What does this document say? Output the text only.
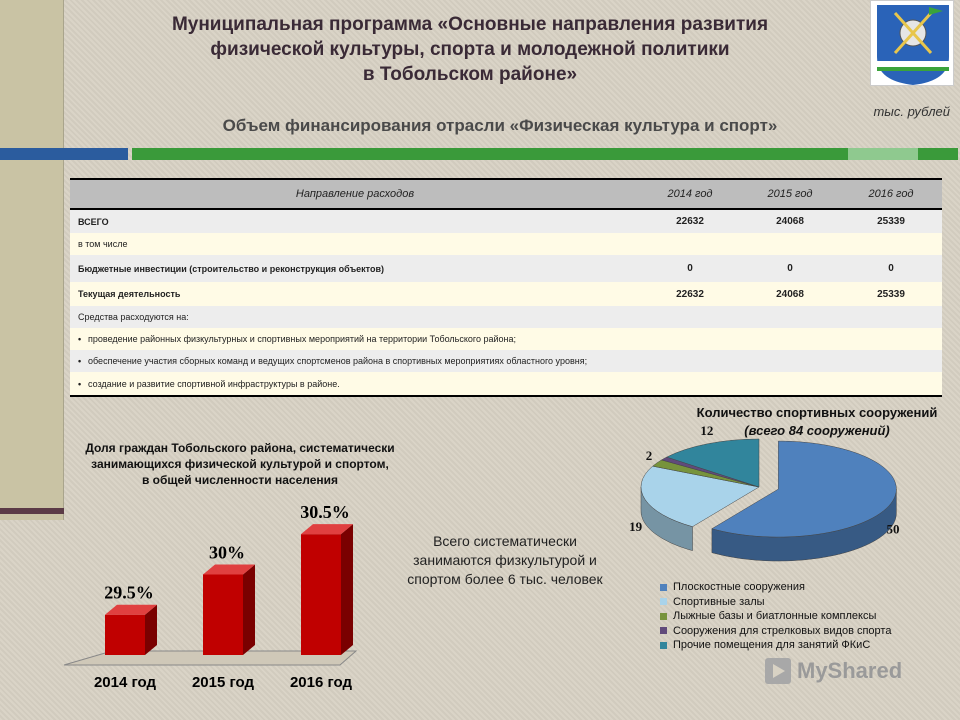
Муниципальная программа «Основные направления развития
физической культуры, спорта и молодежной политики
в Тобольском районе»
тыс. рублей
Объем финансирования отрасли «Физическая культура и спорт»
Направление расходов	2014 год	2015 год	2016 год
ВСЕГО	22632	24068	25339
в том числе			
Бюджетные инвестиции (строительство и реконструкция объектов)	0	0	0
Текущая деятельность	22632	24068	25339
Средства расходуются на:			
• проведение районных физкультурных и спортивных мероприятий на территории Тобольского района;			
• обеспечение участия сборных команд и ведущих спортсменов района в спортивных мероприятиях областного уровня;			
• создание и развитие спортивной инфраструктуры в районе.			
Доля граждан Тобольского района, систематически
занимающихся физической культурой и спортом,
в общей численности населения
29.5%
2014 год
30%
2015 год
30.5%
2016 год
Всего систематически занимаются физкультурой и спортом более 6 тыс. человек
Количество спортивных сооружений
(всего 84 сооружений)
50
19
2
12
Плоскостные сооружения
Спортивные залы
Лыжные базы и биатлонные комплексы
Сооружения для стрелковых видов спорта
Прочие помещения для занятий ФКиС
MyShared
